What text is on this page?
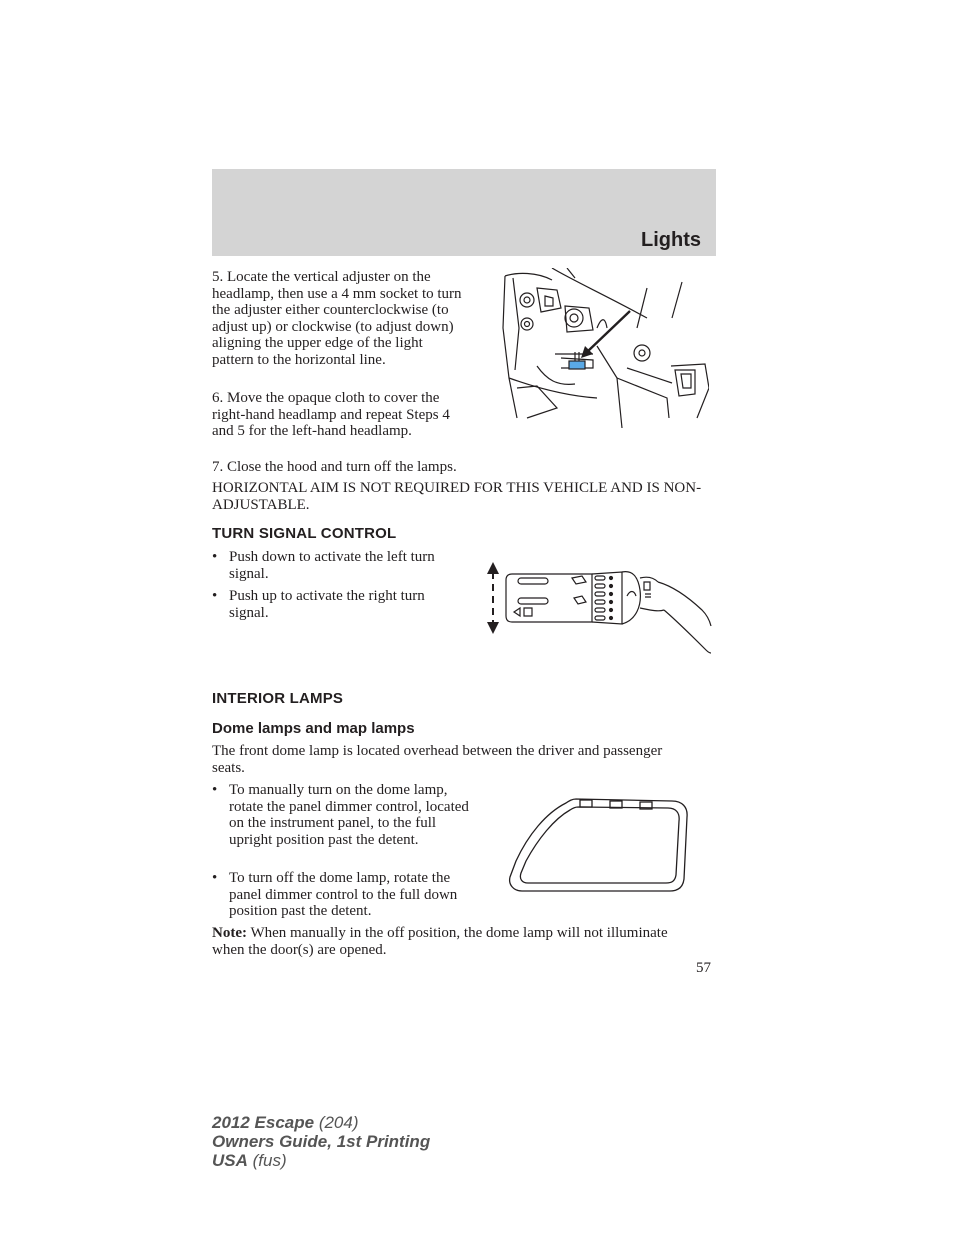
Lights
5. Locate the vertical adjuster on the headlamp, then use a 4 mm socket to turn the adjuster either counterclockwise (to adjust up) or clockwise (to adjust down) aligning the upper edge of the light pattern to the horizontal line.
6. Move the opaque cloth to cover the right-hand headlamp and repeat Steps 4 and 5 for the left-hand headlamp.
7. Close the hood and turn off the lamps.
HORIZONTAL AIM IS NOT REQUIRED FOR THIS VEHICLE AND IS NON-ADJUSTABLE.
TURN SIGNAL CONTROL
• Push down to activate the left turn signal.
• Push up to activate the right turn signal.
INTERIOR LAMPS
Dome lamps and map lamps
The front dome lamp is located overhead between the driver and passenger seats.
• To manually turn on the dome lamp, rotate the panel dimmer control, located on the instrument panel, to the full upright position past the detent.
• To turn off the dome lamp, rotate the panel dimmer control to the full down position past the detent.
Note: When manually in the off position, the dome lamp will not illuminate when the door(s) are opened.
57
2012 Escape (204)
Owners Guide, 1st Printing
USA (fus)
